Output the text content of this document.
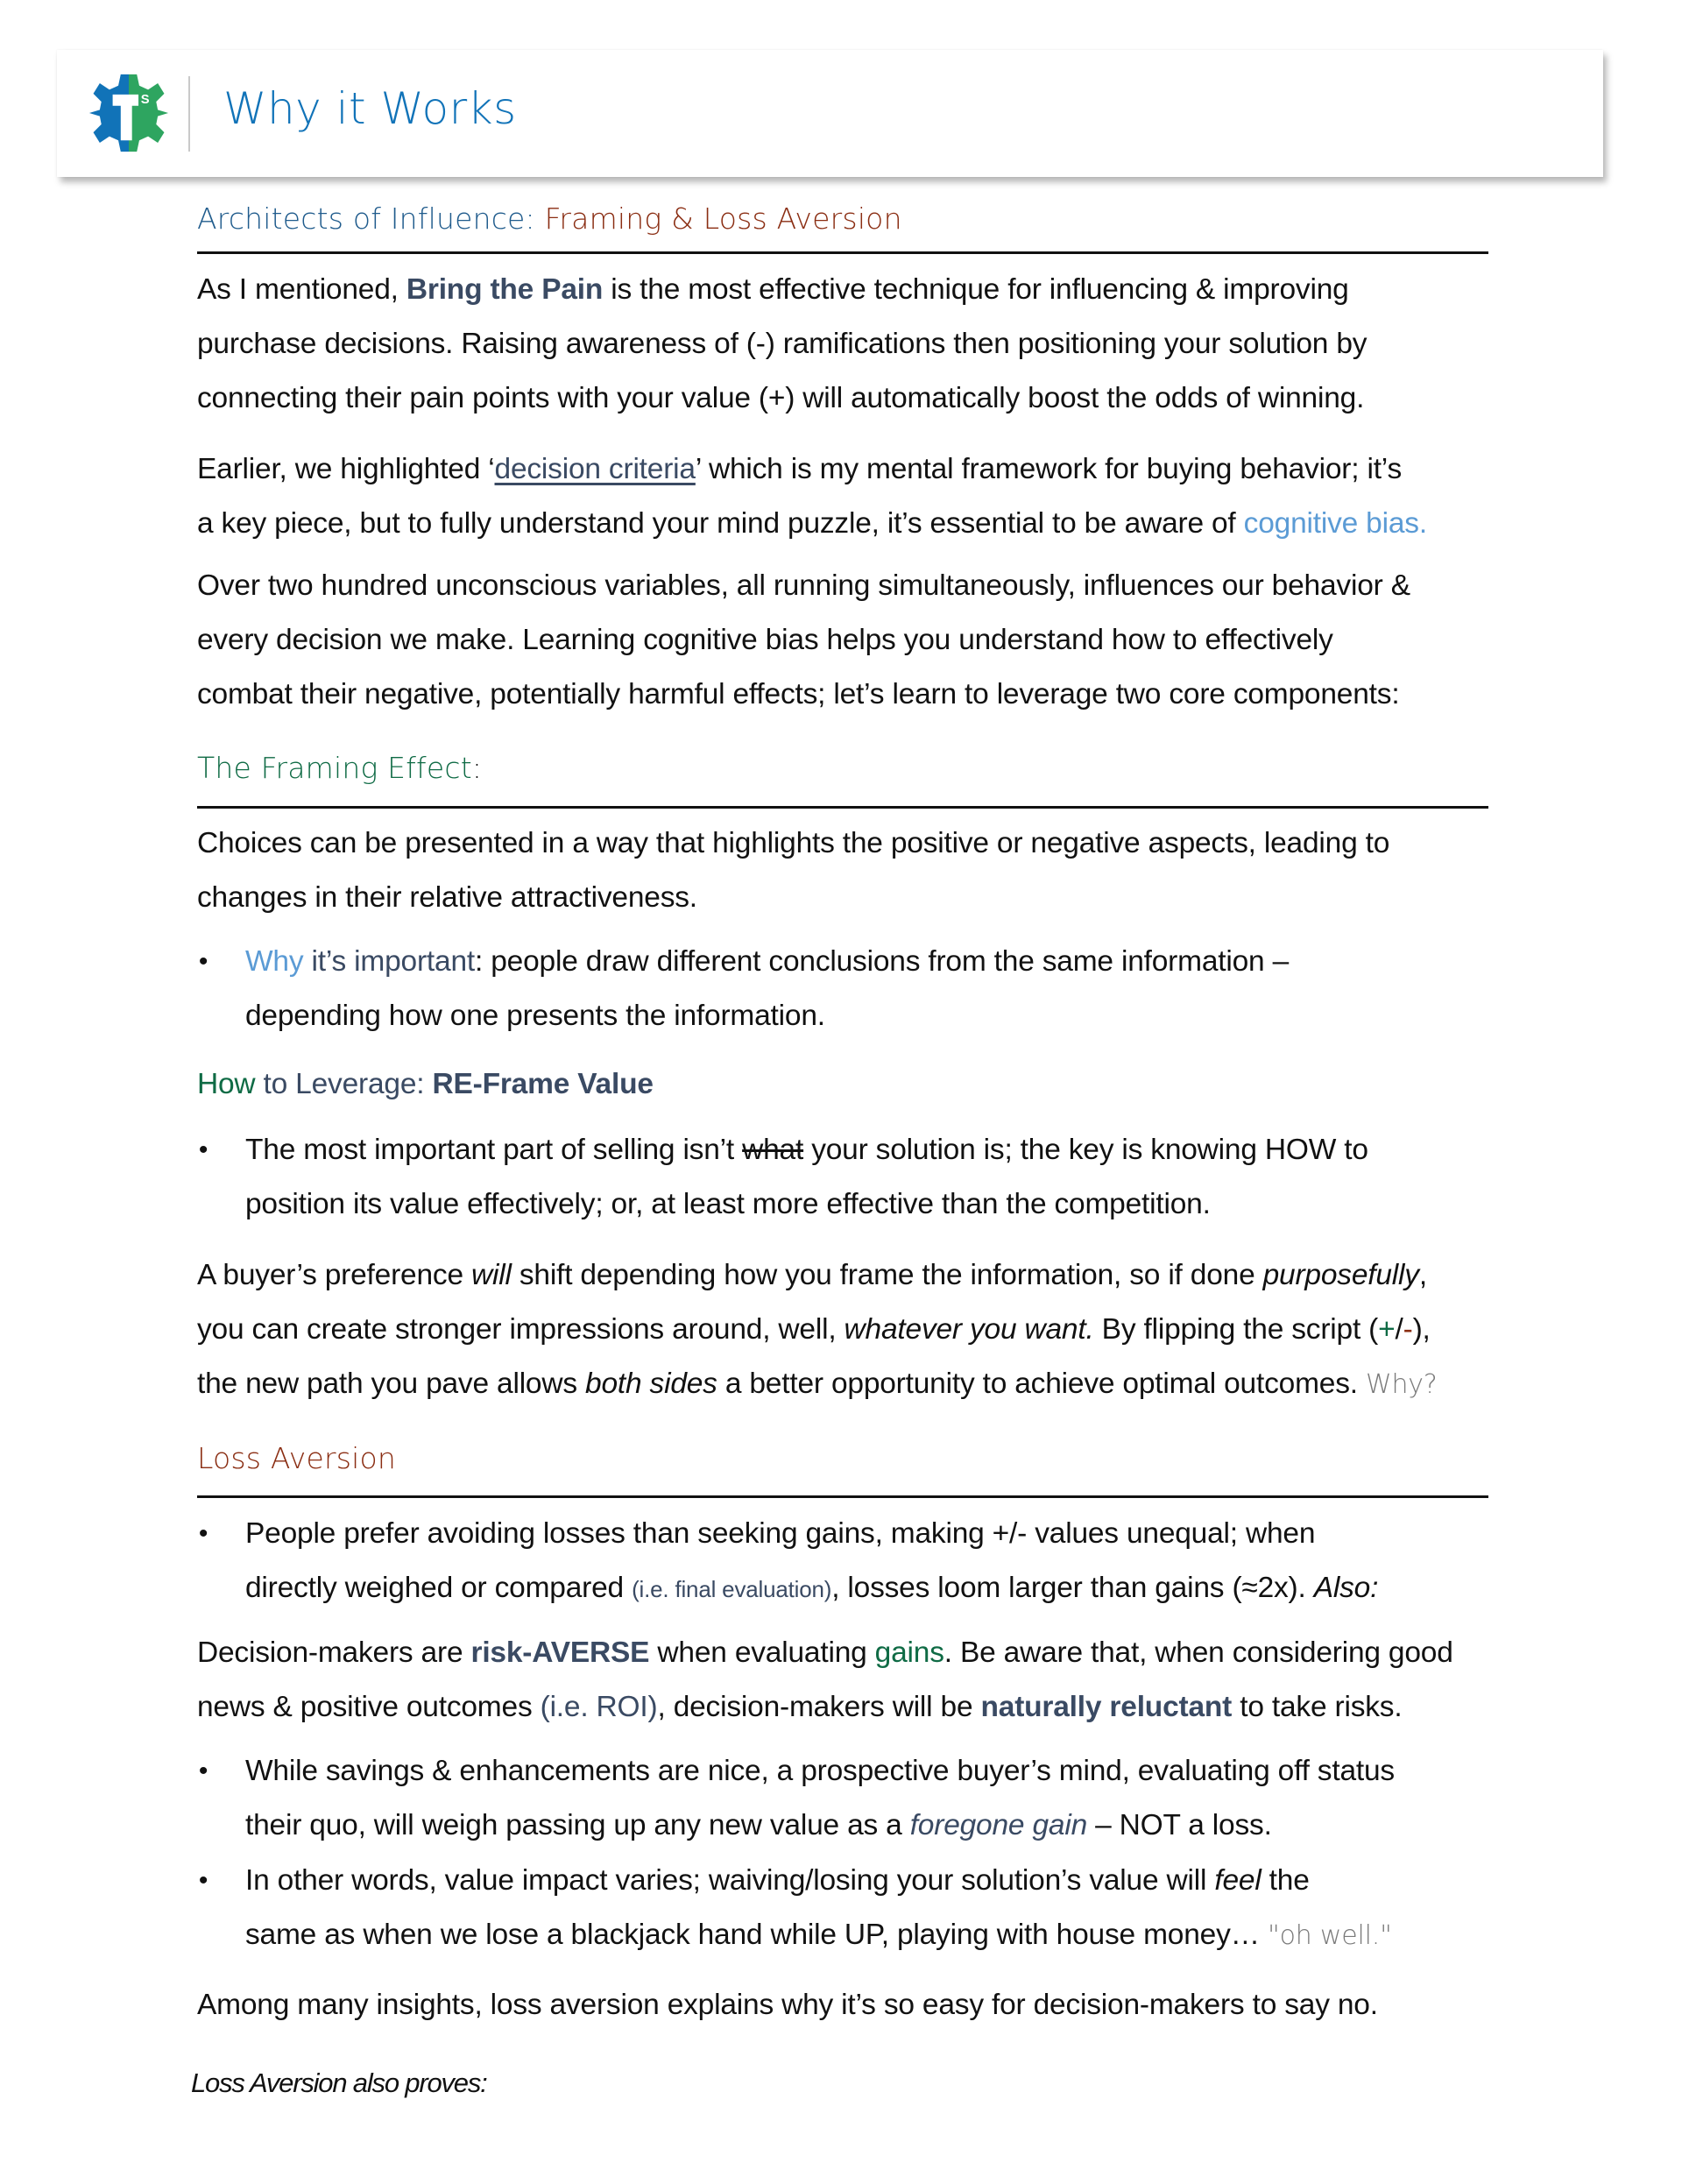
S Why it Works
Architects of Influence: Framing & Loss Aversion
As I mentioned, Bring the Pain is the most effective technique for influencing & improving
purchase decisions. Raising awareness of (-) ramifications then positioning your solution by
connecting their pain points with your value (+) will automatically boost the odds of winning.
Earlier, we highlighted ‘decision criteria’ which is my mental framework for buying behavior; it’s
a key piece, but to fully understand your mind puzzle, it’s essential to be aware of cognitive bias.
Over two hundred unconscious variables, all running simultaneously, influences our behavior &
every decision we make. Learning cognitive bias helps you understand how to effectively
combat their negative, potentially harmful effects; let’s learn to leverage two core components:
The Framing Effect:
Choices can be presented in a way that highlights the positive or negative aspects, leading to
changes in their relative attractiveness.
• Why it’s important: people draw different conclusions from the same information –
depending how one presents the information.
How to Leverage: RE-Frame Value
• The most important part of selling isn’t what your solution is; the key is knowing HOW to
position its value effectively; or, at least more effective than the competition.
A buyer’s preference will shift depending how you frame the information, so if done purposefully,
you can create stronger impressions around, well, whatever you want. By flipping the script (+/-),
the new path you pave allows both sides a better opportunity to achieve optimal outcomes. Why?
Loss Aversion
• People prefer avoiding losses than seeking gains, making +/- values unequal; when
directly weighed or compared (i.e. final evaluation), losses loom larger than gains (≈2x). Also:
Decision-makers are risk-AVERSE when evaluating gains. Be aware that, when considering good
news & positive outcomes (i.e. ROI), decision-makers will be naturally reluctant to take risks.
• While savings & enhancements are nice, a prospective buyer’s mind, evaluating off status
their quo, will weigh passing up any new value as a foregone gain – NOT a loss.
• In other words, value impact varies; waiving/losing your solution’s value will feel the
same as when we lose a blackjack hand while UP, playing with house money… "oh well."
Among many insights, loss aversion explains why it’s so easy for decision-makers to say no.
Loss Aversion also proves:
